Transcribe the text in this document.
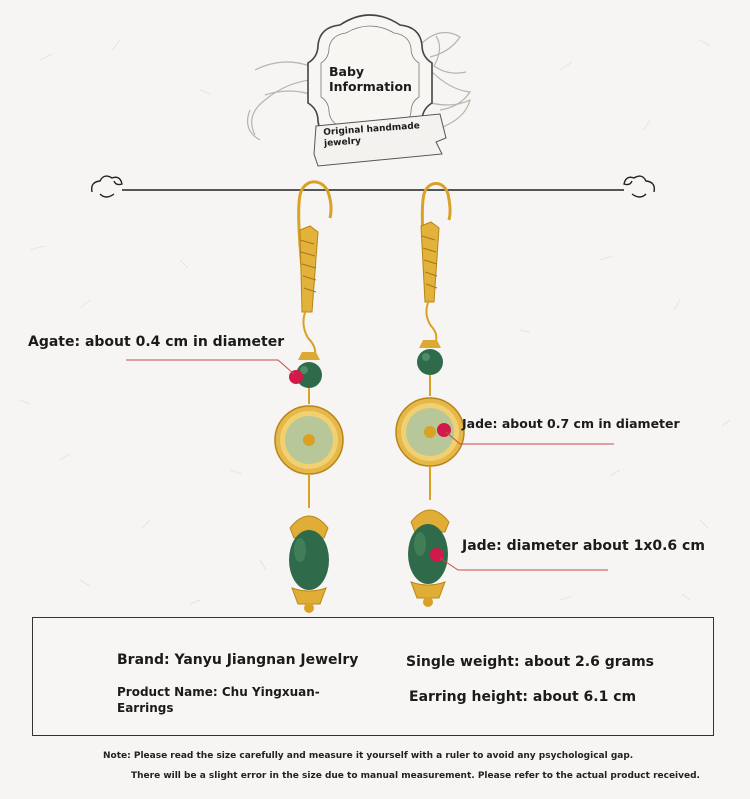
Baby Information
Original handmade jewelry
Agate: about 0.4 cm in diameter
Jade: about 0.7 cm in diameter
Jade: diameter about 1x0.6 cm
Brand: Yanyu Jiangnan Jewelry	Single weight: about 2.6 grams
Product Name: Chu Yingxuan-Earrings
Earring height: about 6.1 cm
Note: Please read the size carefully and measure it yourself with a ruler to avoid any psychological gap.
There will be a slight error in the size due to manual measurement. Please refer to the actual product received.
